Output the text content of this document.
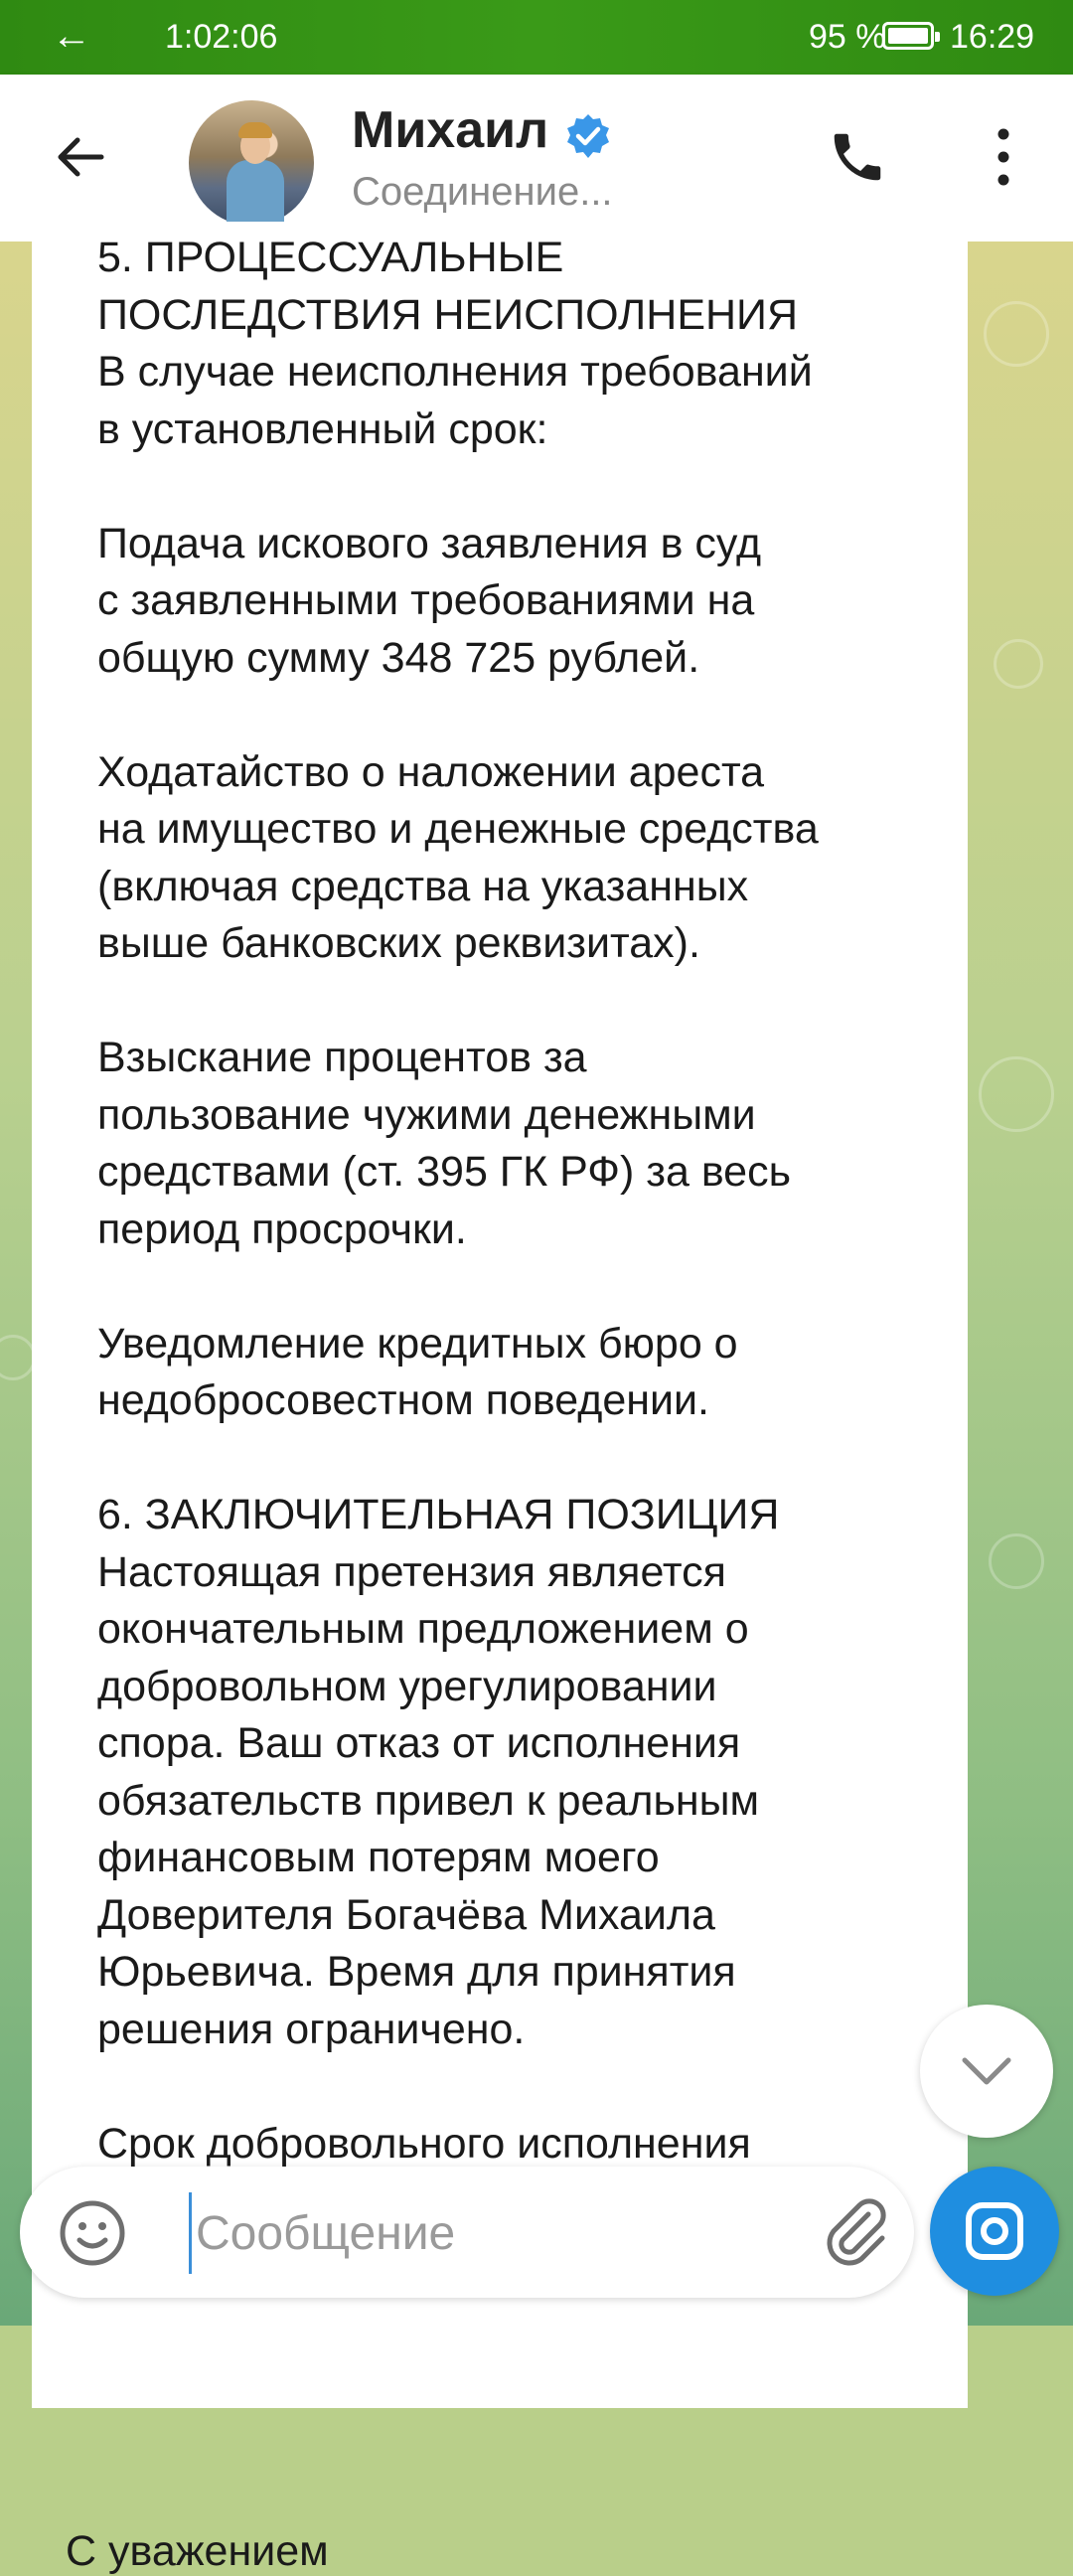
← 1:02:06	95 % 16:29
Михаил
Соединение...
5. ПРОЦЕССУАЛЬНЫЕ
ПОСЛЕДСТВИЯ НЕИСПОЛНЕНИЯ
В случае неисполнения требований
в установленный срок:

Подача искового заявления в суд
с заявленными требованиями на
общую сумму 348 725 рублей.

Ходатайство о наложении ареста
на имущество и денежные средства
(включая средства на указанных
выше банковских реквизитах).

Взыскание процентов за
пользование чужими денежными
средствами (ст. 395 ГК РФ) за весь
период просрочки.

Уведомление кредитных бюро о
недобросовестном поведении.

6. ЗАКЛЮЧИТЕЛЬНАЯ ПОЗИЦИЯ
Настоящая претензия является
окончательным предложением о
добровольном урегулировании
спора. Ваш отказ от исполнения
обязательств привел к реальным
финансовым потерям моего
Доверителя Богачёва Михаила
Юрьевича. Время для принятия
решения ограничено.

Срок добровольного исполнения
С уважением
Сообщение
